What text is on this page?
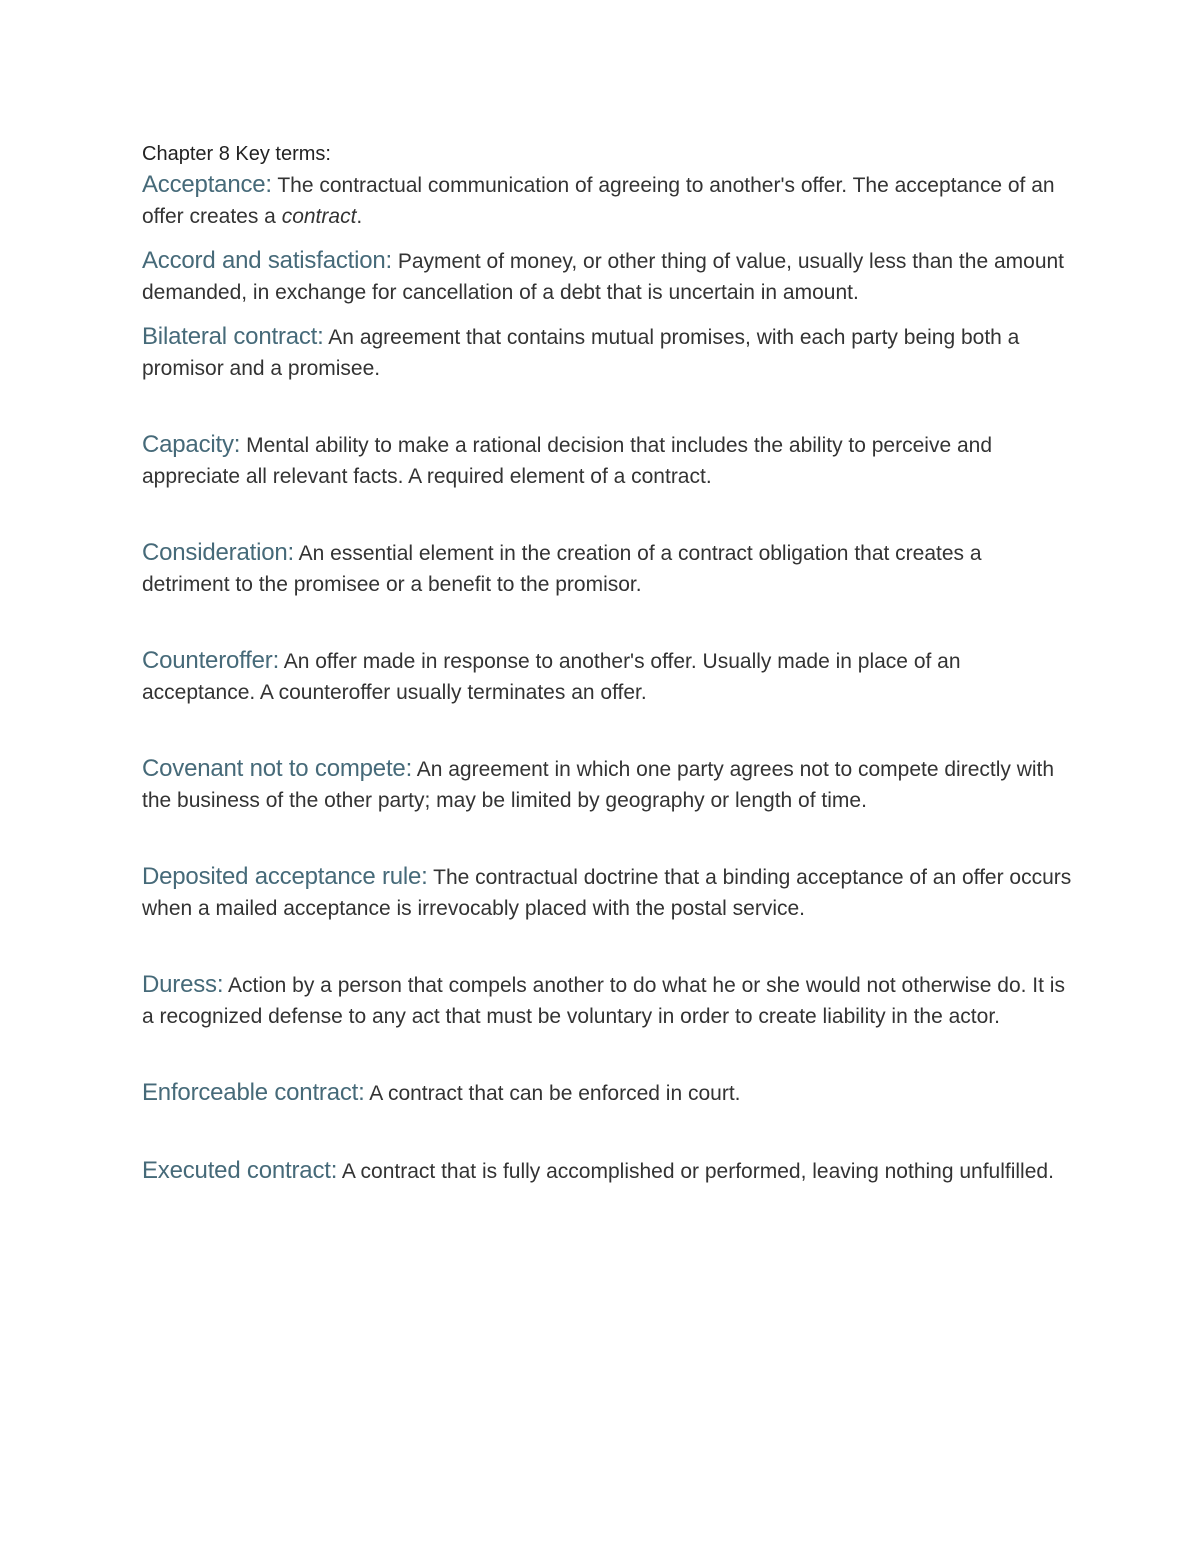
Chapter 8 Key terms:

Acceptance: The contractual communication of agreeing to another's offer. The acceptance of an offer creates a contract.

Accord and satisfaction: Payment of money, or other thing of value, usually less than the amount demanded, in exchange for cancellation of a debt that is uncertain in amount.

Bilateral contract: An agreement that contains mutual promises, with each party being both a promisor and a promisee.

Capacity: Mental ability to make a rational decision that includes the ability to perceive and appreciate all relevant facts. A required element of a contract.

Consideration: An essential element in the creation of a contract obligation that creates a detriment to the promisee or a benefit to the promisor.

Counteroffer: An offer made in response to another's offer. Usually made in place of an acceptance. A counteroffer usually terminates an offer.

Covenant not to compete: An agreement in which one party agrees not to compete directly with the business of the other party; may be limited by geography or length of time.

Deposited acceptance rule: The contractual doctrine that a binding acceptance of an offer occurs when a mailed acceptance is irrevocably placed with the postal service.

Duress: Action by a person that compels another to do what he or she would not otherwise do. It is a recognized defense to any act that must be voluntary in order to create liability in the actor.

Enforceable contract: A contract that can be enforced in court.

Executed contract: A contract that is fully accomplished or performed, leaving nothing unfulfilled.
